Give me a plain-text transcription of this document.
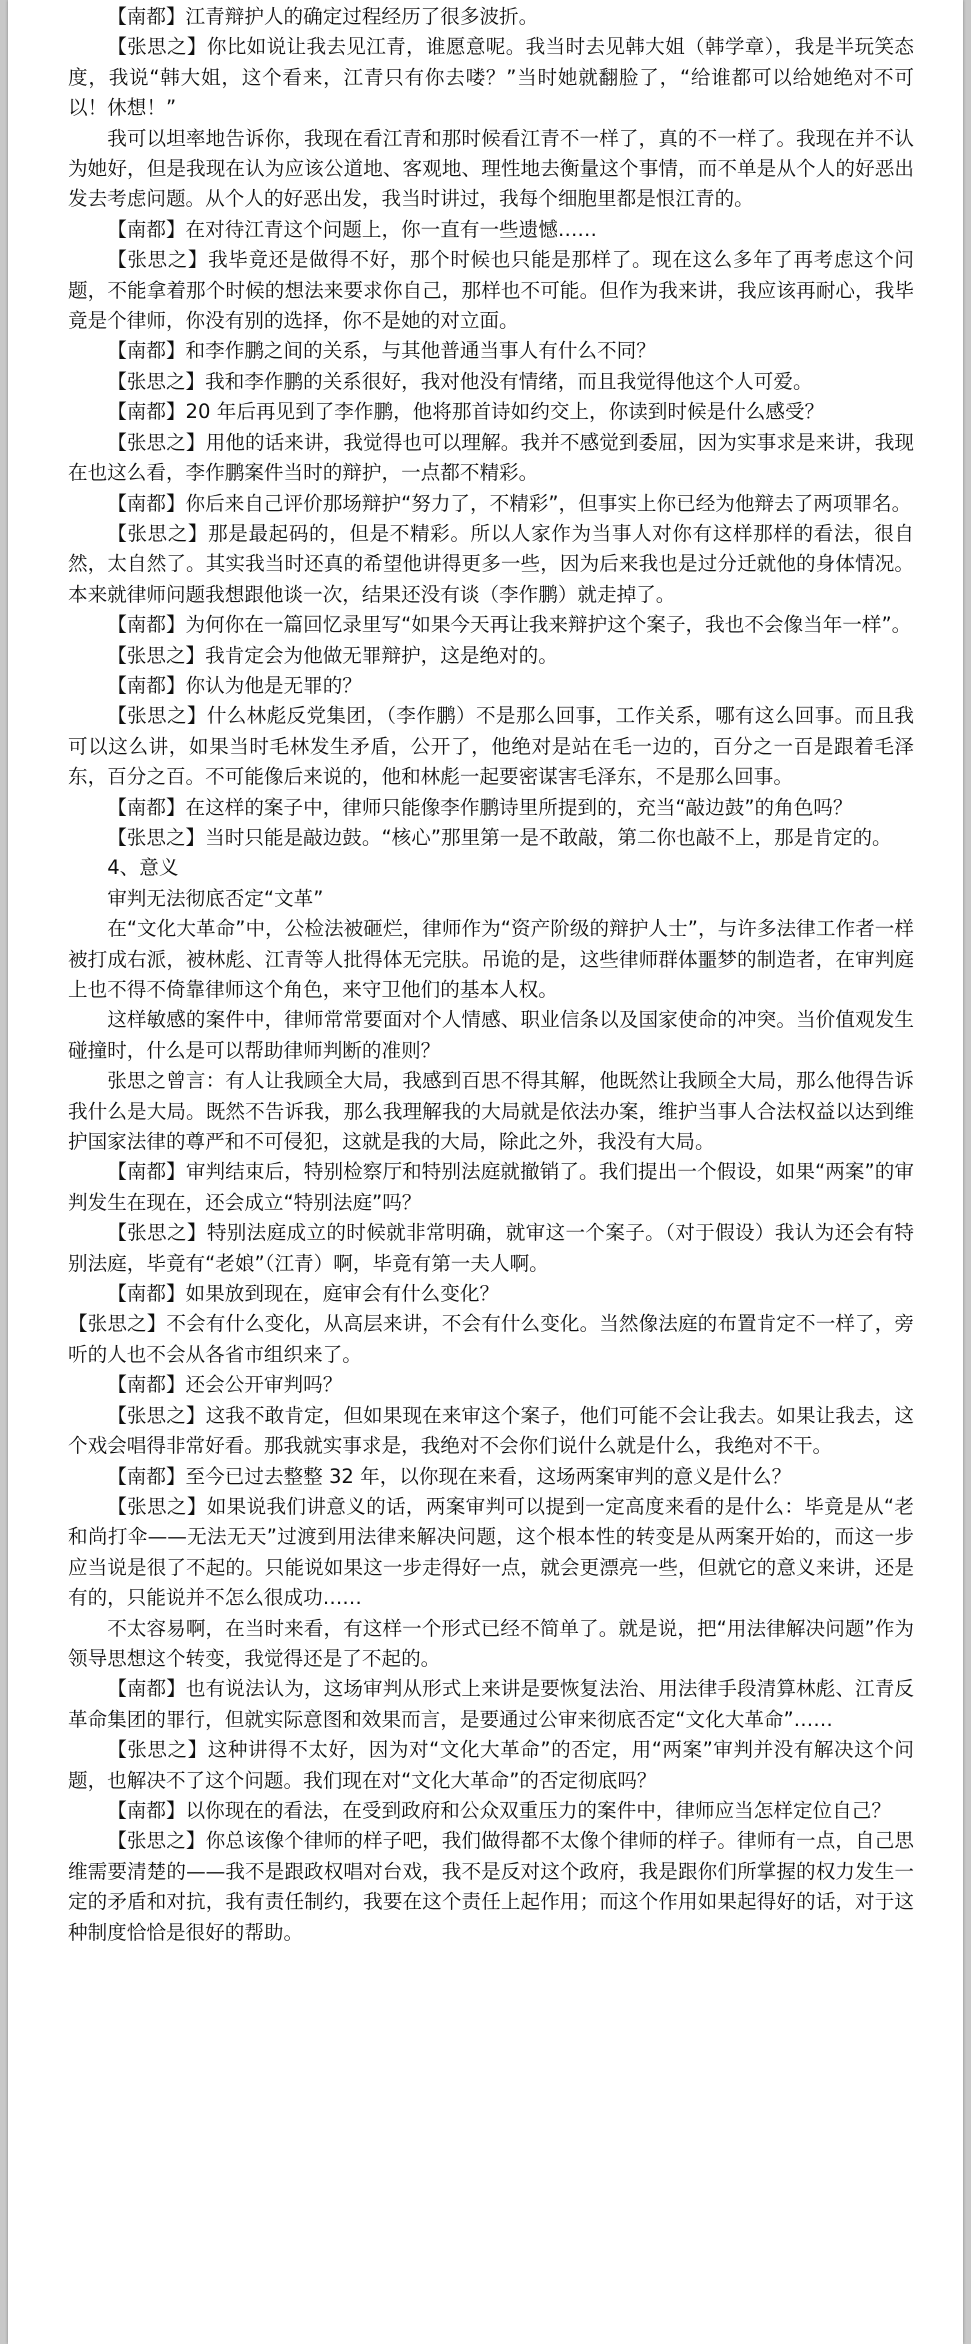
【南都】江青辩护人的确定过程经历了很多波折。

【张思之】你比如说让我去见江青，谁愿意呢。我当时去见韩大姐（韩学章），我是半玩笑态度，我说“韩大姐，这个看来，江青只有你去喽？”当时她就翻脸了，“给谁都可以给她绝对不可以！休想！”

我可以坦率地告诉你，我现在看江青和那时候看江青不一样了，真的不一样了。我现在并不认为她好，但是我现在认为应该公道地、客观地、理性地去衡量这个事情，而不单是从个人的好恶出发去考虑问题。从个人的好恶出发，我当时讲过，我每个细胞里都是恨江青的。

【南都】在对待江青这个问题上，你一直有一些遗憾……

【张思之】我毕竟还是做得不好，那个时候也只能是那样了。现在这么多年了再考虑这个问题，不能拿着那个时候的想法来要求你自己，那样也不可能。但作为我来讲，我应该再耐心，我毕竟是个律师，你没有别的选择，你不是她的对立面。

【南都】和李作鹏之间的关系，与其他普通当事人有什么不同？

【张思之】我和李作鹏的关系很好，我对他没有情绪，而且我觉得他这个人可爱。

【南都】20 年后再见到了李作鹏，他将那首诗如约交上，你读到时候是什么感受？

【张思之】用他的话来讲，我觉得也可以理解。我并不感觉到委屈，因为实事求是来讲，我现在也这么看，李作鹏案件当时的辩护，一点都不精彩。

【南都】你后来自己评价那场辩护“努力了，不精彩”，但事实上你已经为他辩去了两项罪名。

【张思之】那是最起码的，但是不精彩。所以人家作为当事人对你有这样那样的看法，很自然，太自然了。其实我当时还真的希望他讲得更多一些，因为后来我也是过分迁就他的身体情况。本来就律师问题我想跟他谈一次，结果还没有谈（李作鹏）就走掉了。

【南都】为何你在一篇回忆录里写“如果今天再让我来辩护这个案子，我也不会像当年一样”。

【张思之】我肯定会为他做无罪辩护，这是绝对的。

【南都】你认为他是无罪的？

【张思之】什么林彪反党集团，（李作鹏）不是那么回事，工作关系，哪有这么回事。而且我可以这么讲，如果当时毛林发生矛盾，公开了，他绝对是站在毛一边的，百分之一百是跟着毛泽东，百分之百。不可能像后来说的，他和林彪一起要密谋害毛泽东，不是那么回事。

【南都】在这样的案子中，律师只能像李作鹏诗里所提到的，充当“敲边鼓”的角色吗？

【张思之】当时只能是敲边鼓。“核心”那里第一是不敢敲，第二你也敲不上，那是肯定的。

4、意义

审判无法彻底否定“文革”

在“文化大革命”中，公检法被砸烂，律师作为“资产阶级的辩护人士”，与许多法律工作者一样被打成右派，被林彪、江青等人批得体无完肤。吊诡的是，这些律师群体噩梦的制造者，在审判庭上也不得不倚靠律师这个角色，来守卫他们的基本人权。

这样敏感的案件中，律师常常要面对个人情感、职业信条以及国家使命的冲突。当价值观发生碰撞时，什么是可以帮助律师判断的准则？

张思之曾言：有人让我顾全大局，我感到百思不得其解，他既然让我顾全大局，那么他得告诉我什么是大局。既然不告诉我，那么我理解我的大局就是依法办案，维护当事人合法权益以达到维护国家法律的尊严和不可侵犯，这就是我的大局，除此之外，我没有大局。

【南都】审判结束后，特别检察厅和特别法庭就撤销了。我们提出一个假设，如果“两案”的审判发生在现在，还会成立“特别法庭”吗？

【张思之】特别法庭成立的时候就非常明确，就审这一个案子。（对于假设）我认为还会有特别法庭，毕竟有“老娘”（江青）啊，毕竟有第一夫人啊。

【南都】如果放到现在，庭审会有什么变化？

【张思之】不会有什么变化，从高层来讲，不会有什么变化。当然像法庭的布置肯定不一样了，旁听的人也不会从各省市组织来了。

【南都】还会公开审判吗？

【张思之】这我不敢肯定，但如果现在来审这个案子，他们可能不会让我去。如果让我去，这个戏会唱得非常好看。那我就实事求是，我绝对不会你们说什么就是什么，我绝对不干。

【南都】至今已过去整整 32 年，以你现在来看，这场两案审判的意义是什么？

【张思之】如果说我们讲意义的话，两案审判可以提到一定高度来看的是什么：毕竟是从“老和尚打伞——无法无天”过渡到用法律来解决问题，这个根本性的转变是从两案开始的，而这一步应当说是很了不起的。只能说如果这一步走得好一点，就会更漂亮一些，但就它的意义来讲，还是有的，只能说并不怎么很成功……

不太容易啊，在当时来看，有这样一个形式已经不简单了。就是说，把“用法律解决问题”作为领导思想这个转变，我觉得还是了不起的。

【南都】也有说法认为，这场审判从形式上来讲是要恢复法治、用法律手段清算林彪、江青反革命集团的罪行，但就实际意图和效果而言，是要通过公审来彻底否定“文化大革命”……

【张思之】这种讲得不太好，因为对“文化大革命”的否定，用“两案”审判并没有解决这个问题，也解决不了这个问题。我们现在对“文化大革命”的否定彻底吗？

【南都】以你现在的看法，在受到政府和公众双重压力的案件中，律师应当怎样定位自己？

【张思之】你总该像个律师的样子吧，我们做得都不太像个律师的样子。律师有一点，自己思维需要清楚的——我不是跟政权唱对台戏，我不是反对这个政府，我是跟你们所掌握的权力发生一定的矛盾和对抗，我有责任制约，我要在这个责任上起作用；而这个作用如果起得好的话，对于这种制度恰恰是很好的帮助。
